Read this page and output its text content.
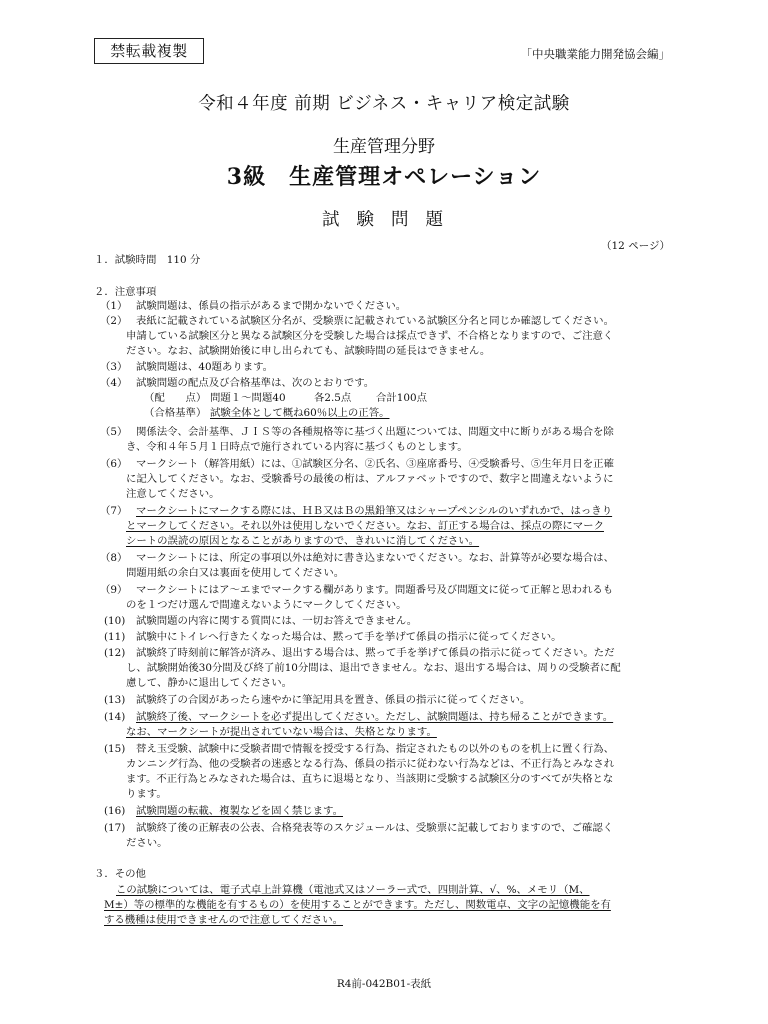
禁転載複製	「中央職業能力開発協会編」
令和４年度 前期 ビジネス・キャリア検定試験
生産管理分野
3級　生産管理オペレーション
試験問題
（12 ページ）
１．試験時間　110 分
２．注意事項
（1） 試験問題は、係員の指示があるまで開かないでください。
（2） 表紙に記載されている試験区分名が、受験票に記載されている試験区分名と同じか確認してください。
申請している試験区分と異なる試験区分を受験した場合は採点できず、不合格となりますので、ご注意く
ださい。なお、試験開始後に申し出られても、試験時間の延長はできません。
（3） 試験問題は、40題あります。
（4） 試験問題の配点及び合格基準は、次のとおりです。
（配　　点） 問題１～問題40	各2.5点 合計100点
（合格基準） 試験全体として概ね60％以上の正答。
（5） 関係法令、会計基準、ＪＩＳ等の各種規格等に基づく出題については、問題文中に断りがある場合を除
き、令和４年５月１日時点で施行されている内容に基づくものとします。
（6） マークシート（解答用紙）には、①試験区分名、②氏名、③座席番号、④受験番号、⑤生年月日を正確
に記入してください。なお、受験番号の最後の桁は、アルファベットですので、数字と間違えないように
注意してください。
（7） マークシートにマークする際には、ＨＢ又はＢの黒鉛筆又はシャープペンシルのいずれかで、はっきり
とマークしてください。それ以外は使用しないでください。なお、訂正する場合は、採点の際にマーク
シートの誤読の原因となることがありますので、きれいに消してください。
（8） マークシートには、所定の事項以外は絶対に書き込まないでください。なお、計算等が必要な場合は、
問題用紙の余白又は裏面を使用してください。
（9） マークシートにはア～エまでマークする欄があります。問題番号及び問題文に従って正解と思われるも
のを１つだけ選んで間違えないようにマークしてください。
(10) 試験問題の内容に関する質問には、一切お答えできません。
(11) 試験中にトイレへ行きたくなった場合は、黙って手を挙げて係員の指示に従ってください。
(12) 試験終了時刻前に解答が済み、退出する場合は、黙って手を挙げて係員の指示に従ってください。ただ
し、試験開始後30分間及び終了前10分間は、退出できません。なお、退出する場合は、周りの受験者に配
慮して、静かに退出してください。
(13) 試験終了の合図があったら速やかに筆記用具を置き、係員の指示に従ってください。
(14) 試験終了後、マークシートを必ず提出してください。ただし、試験問題は、持ち帰ることができます。
なお、マークシートが提出されていない場合は、失格となります。
(15) 替え玉受験、試験中に受験者間で情報を授受する行為、指定されたもの以外のものを机上に置く行為、
カンニング行為、他の受験者の迷惑となる行為、係員の指示に従わない行為などは、不正行為とみなされ
ます。不正行為とみなされた場合は、直ちに退場となり、当該期に受験する試験区分のすべてが失格とな
ります。
(16) 試験問題の転載、複製などを固く禁じます。
(17) 試験終了後の正解表の公表、合格発表等のスケジュールは、受験票に記載しておりますので、ご確認く
ださい。
３．その他
この試験については、電子式卓上計算機（電池式又はソーラー式で、四則計算、√、%、メモリ（M、
M±）等の標準的な機能を有するもの）を使用することができます。ただし、関数電卓、文字の記憶機能を有
する機種は使用できませんので注意してください。
R4前-042B01-表紙
